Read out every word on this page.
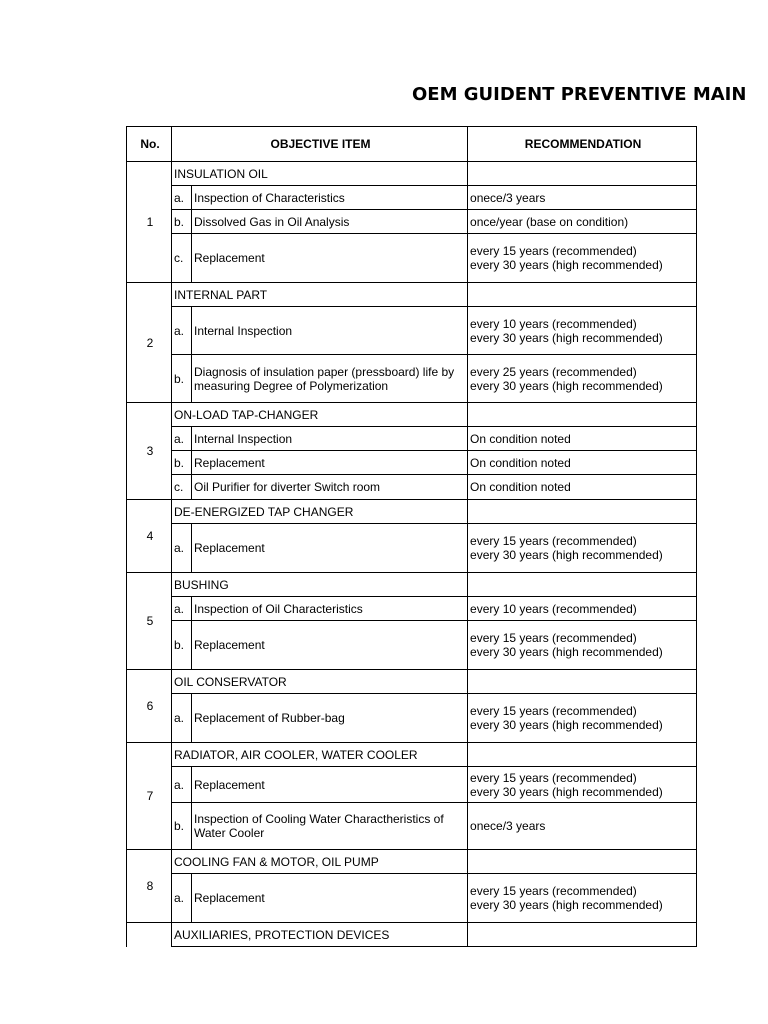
OEM GUIDENT PREVENTIVE MAIN
No.	OBJECTIVE ITEM		RECOMMENDATION
1	INSULATION OIL		
	a.	Inspection of Characteristics	onece/3 years

	b.	Dissolved Gas in Oil Analysis	once/year (base on condition)

	c.	Replacement	every 15 years (recommended)
every 30 years (high recommended)

2	INTERNAL PART		
	a.	Internal Inspection	every 10 years (recommended)
every 30 years (high recommended)

	b.	Diagnosis of insulation paper (pressboard) life by measuring Degree of Polymerization	every 25 years (recommended)
every 30 years (high recommended)

3	ON-LOAD TAP-CHANGER		
	a.	Internal Inspection	On condition noted

	b.	Replacement	On condition noted

	c.	Oil Purifier for diverter Switch room	On condition noted

4	DE-ENERGIZED TAP CHANGER		
	a.	Replacement	every 15 years (recommended)
every 30 years (high recommended)

5	BUSHING		
	a.	Inspection of Oil Characteristics	every 10 years (recommended)

	b.	Replacement	every 15 years (recommended)
every 30 years (high recommended)

6	OIL CONSERVATOR		
	a.	Replacement of Rubber-bag	every 15 years (recommended)
every 30 years (high recommended)

7	RADIATOR, AIR COOLER, WATER COOLER		
	a.	Replacement	every 15 years (recommended)
every 30 years (high recommended)

	b.	Inspection of Cooling Water Charactheristics of Water Cooler	onece/3 years

8	COOLING FAN & MOTOR, OIL PUMP		
	a.	Replacement	every 15 years (recommended)
every 30 years (high recommended)

	AUXILIARIES, PROTECTION DEVICES		
